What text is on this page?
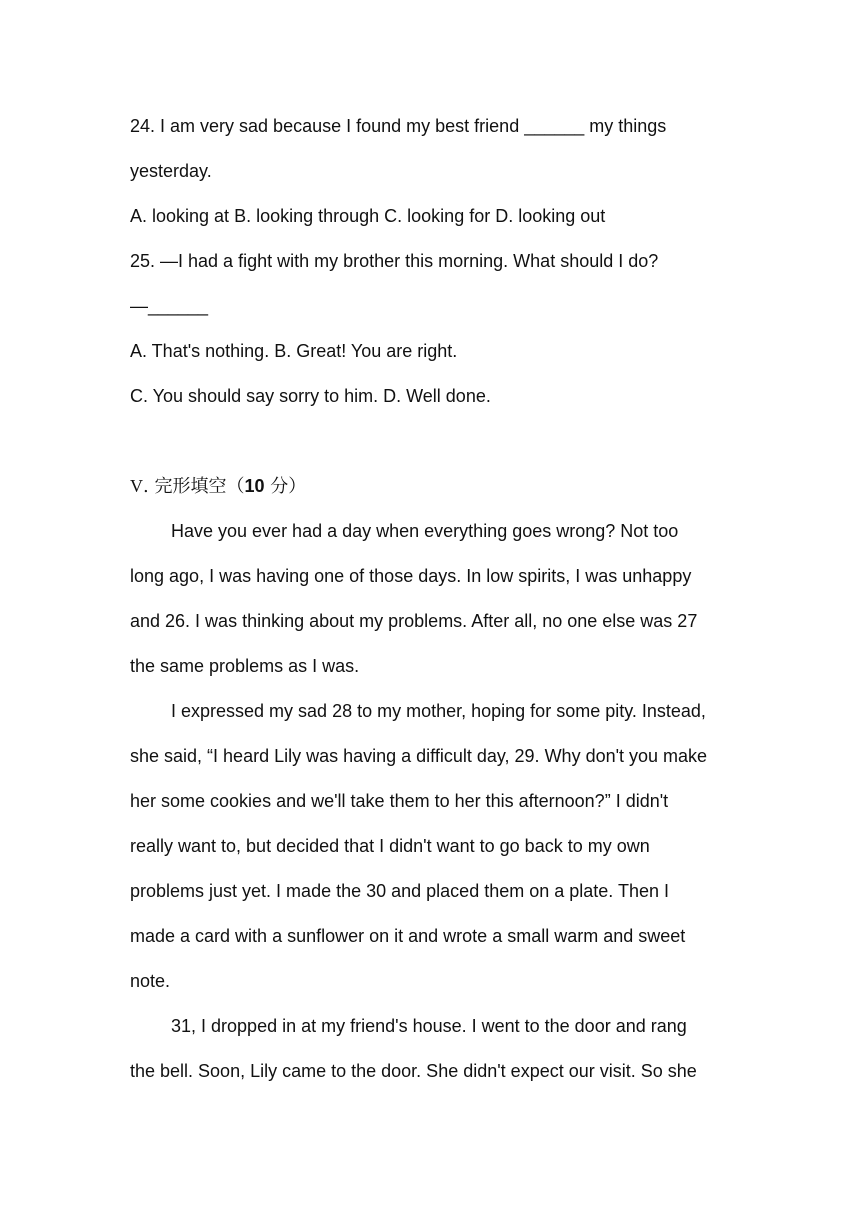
24. I am very sad because I found my best friend ______ my things

yesterday.

A. looking at B. looking through C. looking for D. looking out

25. —I had a fight with my brother this morning. What should I do?

—______

A. That's nothing. B. Great! You are right.

C. You should say sorry to him. D. Well done.

V. 完形填空（10 分）

Have you ever had a day when everything goes wrong? Not too

long ago, I was having one of those days. In low spirits, I was unhappy

and 26. I was thinking about my problems. After all, no one else was 27

the same problems as I was.

I expressed my sad 28 to my mother, hoping for some pity. Instead,

she said, “I heard Lily was having a difficult day, 29. Why don't you make

her some cookies and we'll take them to her this afternoon?” I didn't

really want to, but decided that I didn't want to go back to my own

problems just yet. I made the 30 and placed them on a plate. Then I

made a card with a sunflower on it and wrote a small warm and sweet

note.

31, I dropped in at my friend's house. I went to the door and rang

the bell. Soon, Lily came to the door. She didn't expect our visit. So she
